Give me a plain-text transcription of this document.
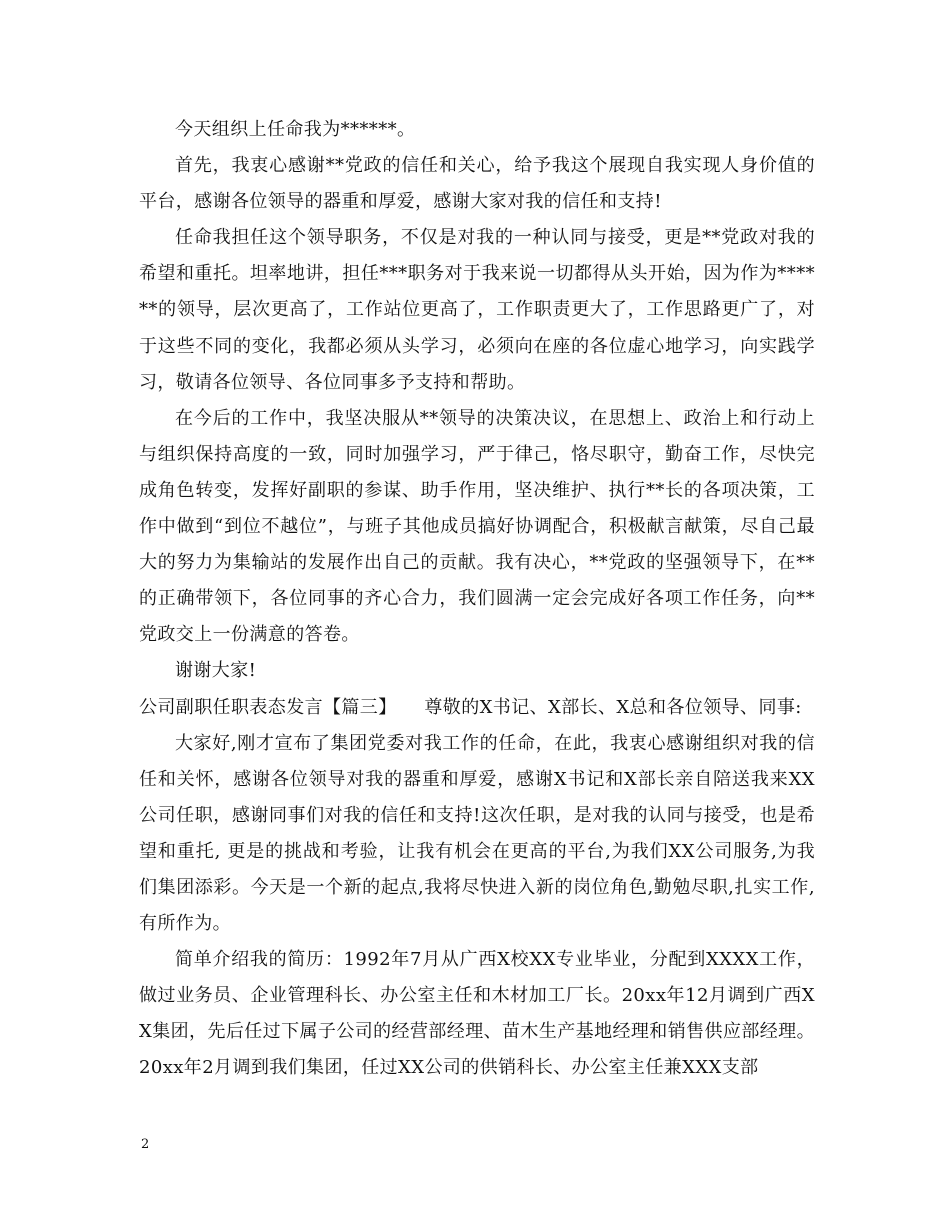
今天组织上任命我为******。

首先，我衷心感谢**党政的信任和关心，给予我这个展现自我实现人身价值的平台，感谢各位领导的器重和厚爱，感谢大家对我的信任和支持!

任命我担任这个领导职务，不仅是对我的一种认同与接受，更是**党政对我的希望和重托。坦率地讲，担任***职务对于我来说一切都得从头开始，因为作为******的领导，层次更高了，工作站位更高了，工作职责更大了，工作思路更广了，对于这些不同的变化，我都必须从头学习，必须向在座的各位虚心地学习，向实践学习，敬请各位领导、各位同事多予支持和帮助。

在今后的工作中，我坚决服从**领导的决策决议，在思想上、政治上和行动上与组织保持高度的一致，同时加强学习，严于律己，恪尽职守，勤奋工作，尽快完成角色转变，发挥好副职的参谋、助手作用，坚决维护、执行**长的各项决策，工作中做到“到位不越位”，与班子其他成员搞好协调配合，积极献言献策，尽自己最大的努力为集输站的发展作出自己的贡献。我有决心，**党政的坚强领导下，在**的正确带领下，各位同事的齐心合力，我们圆满一定会完成好各项工作任务，向**党政交上一份满意的答卷。

谢谢大家!

公司副职任职表态发言【篇三】　　尊敬的X书记、X部长、X总和各位领导、同事:

大家好,刚才宣布了集团党委对我工作的任命，在此，我衷心感谢组织对我的信任和关怀，感谢各位领导对我的器重和厚爱，感谢X书记和X部长亲自陪送我来XX公司任职，感谢同事们对我的信任和支持!这次任职，是对我的认同与接受，也是希望和重托, 更是的挑战和考验，让我有机会在更高的平台,为我们XX公司服务,为我们集团添彩。今天是一个新的起点,我将尽快进入新的岗位角色,勤勉尽职,扎实工作,有所作为。

简单介绍我的简历：1992年7月从广西X校XX专业毕业，分配到XXXX工作，做过业务员、企业管理科长、办公室主任和木材加工厂长。20xx年12月调到广西XX集团，先后任过下属子公司的经营部经理、苗木生产基地经理和销售供应部经理。20xx年2月调到我们集团，任过XX公司的供销科长、办公室主任兼XXX支部

2
